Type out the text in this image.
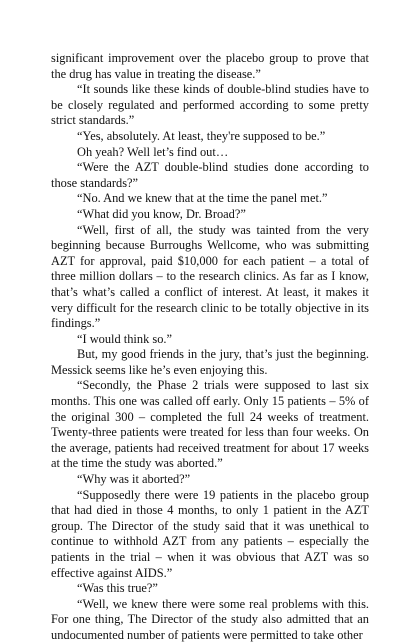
significant improvement over the placebo group to prove that the drug has value in treating the disease.”

“It sounds like these kinds of double-blind studies have to be closely regulated and performed according to some pretty strict standards.”

“Yes, absolutely. At least, they're supposed to be.”

Oh yeah? Well let’s find out…

“Were the AZT double-blind studies done according to those standards?”

“No. And we knew that at the time the panel met.”

“What did you know, Dr. Broad?”

“Well, first of all, the study was tainted from the very beginning because Burroughs Wellcome, who was submitting AZT for approval, paid $10,000 for each patient – a total of three million dollars – to the research clinics. As far as I know, that’s what’s called a conflict of interest. At least, it makes it very difficult for the research clinic to be totally objective in its findings.”

“I would think so.”

But, my good friends in the jury, that’s just the beginning. Messick seems like he’s even enjoying this.

“Secondly, the Phase 2 trials were supposed to last six months. This one was called off early. Only 15 patients – 5% of the original 300 – completed the full 24 weeks of treatment. Twenty-three patients were treated for less than four weeks. On the average, patients had received treatment for about 17 weeks at the time the study was aborted.”

“Why was it aborted?”

“Supposedly there were 19 patients in the placebo group that had died in those 4 months, to only 1 patient in the AZT group. The Director of the study said that it was unethical to continue to withhold AZT from any patients – especially the patients in the trial – when it was obvious that AZT was so effective against AIDS.”

“Was this true?”

“Well, we knew there were some real problems with this. For one thing, The Director of the study also admitted that an undocumented number of patients were permitted to take other
